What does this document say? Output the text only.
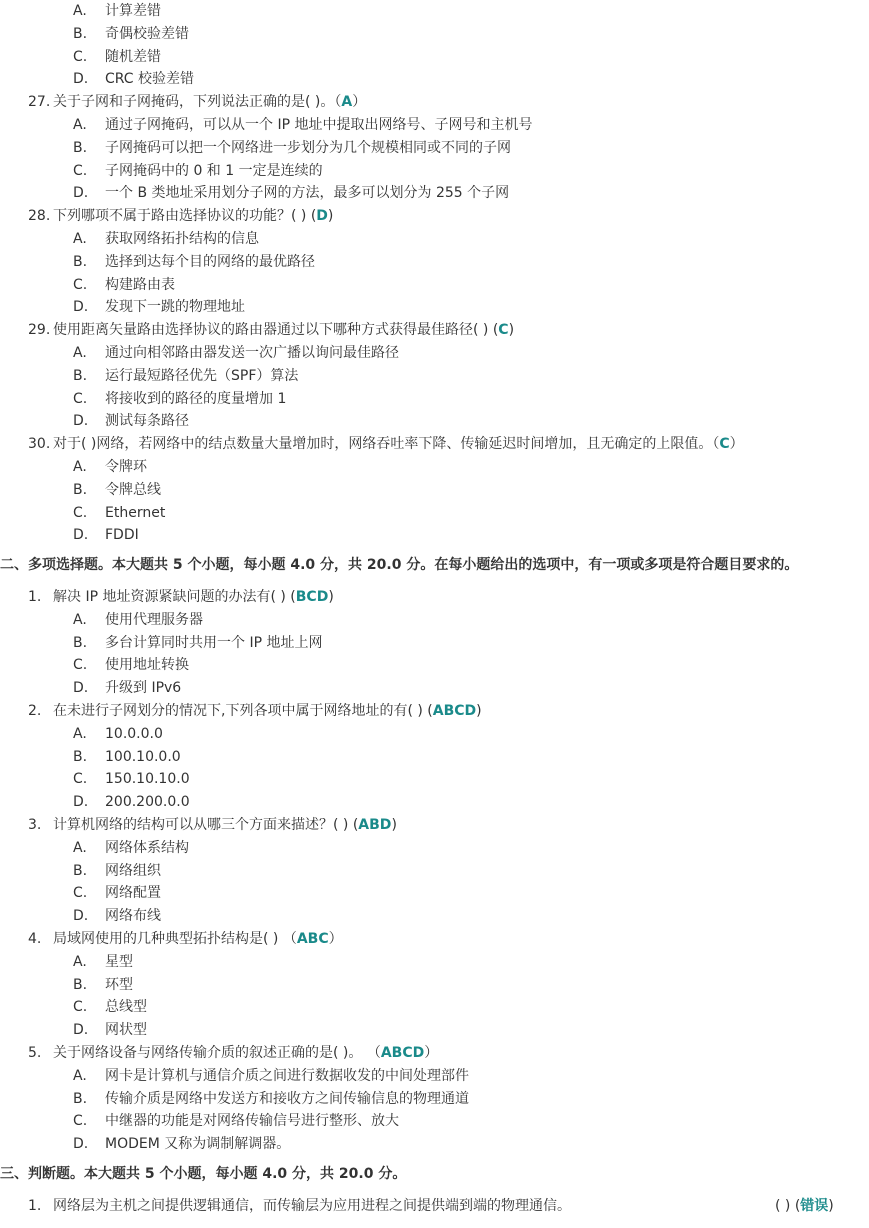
A. 计算差错
B. 奇偶校验差错
C. 随机差错
D. CRC 校验差错
27. 关于子网和子网掩码，下列说法正确的是( )。（A）
A. 通过子网掩码，可以从一个 IP 地址中提取出网络号、子网号和主机号
B. 子网掩码可以把一个网络进一步划分为几个规模相同或不同的子网
C. 子网掩码中的 0 和 1 一定是连续的
D. 一个 B 类地址采用划分子网的方法，最多可以划分为 255 个子网
28. 下列哪项不属于路由选择协议的功能？( ) (D)
A. 获取网络拓扑结构的信息
B. 选择到达每个目的网络的最优路径
C. 构建路由表
D. 发现下一跳的物理地址
29. 使用距离矢量路由选择协议的路由器通过以下哪种方式获得最佳路径( ) (C)
A. 通过向相邻路由器发送一次广播以询问最佳路径
B. 运行最短路径优先（SPF）算法
C. 将接收到的路径的度量增加 1
D. 测试每条路径
30. 对于( )网络，若网络中的结点数量大量增加时，网络吞吐率下降、传输延迟时间增加，且无确定的上限值。（C）
A. 令牌环
B. 令牌总线
C. Ethernet
D. FDDI
二、多项选择题。本大题共 5 个小题，每小题 4.0 分，共 20.0 分。在每小题给出的选项中，有一项或多项是符合题目要求的。
1. 解决 IP 地址资源紧缺问题的办法有( ) (BCD)
A. 使用代理服务器
B. 多台计算同时共用一个 IP 地址上网
C. 使用地址转换
D. 升级到 IPv6
2. 在未进行子网划分的情况下,下列各项中属于网络地址的有( ) (ABCD)
A. 10.0.0.0
B. 100.10.0.0
C. 150.10.10.0
D. 200.200.0.0
3. 计算机网络的结构可以从哪三个方面来描述？( ) (ABD)
A. 网络体系结构
B. 网络组织
C. 网络配置
D. 网络布线
4. 局域网使用的几种典型拓扑结构是( ) （ABC）
A. 星型
B. 环型
C. 总线型
D. 网状型
5. 关于网络设备与网络传输介质的叙述正确的是( )。 （ABCD）
A. 网卡是计算机与通信介质之间进行数据收发的中间处理部件
B. 传输介质是网络中发送方和接收方之间传输信息的物理通道
C. 中继器的功能是对网络传输信号进行整形、放大
D. MODEM 又称为调制解调器。
三、判断题。本大题共 5 个小题，每小题 4.0 分，共 20.0 分。
1. 网络层为主机之间提供逻辑通信，而传输层为应用进程之间提供端到端的物理通信。	( ) (错误)
